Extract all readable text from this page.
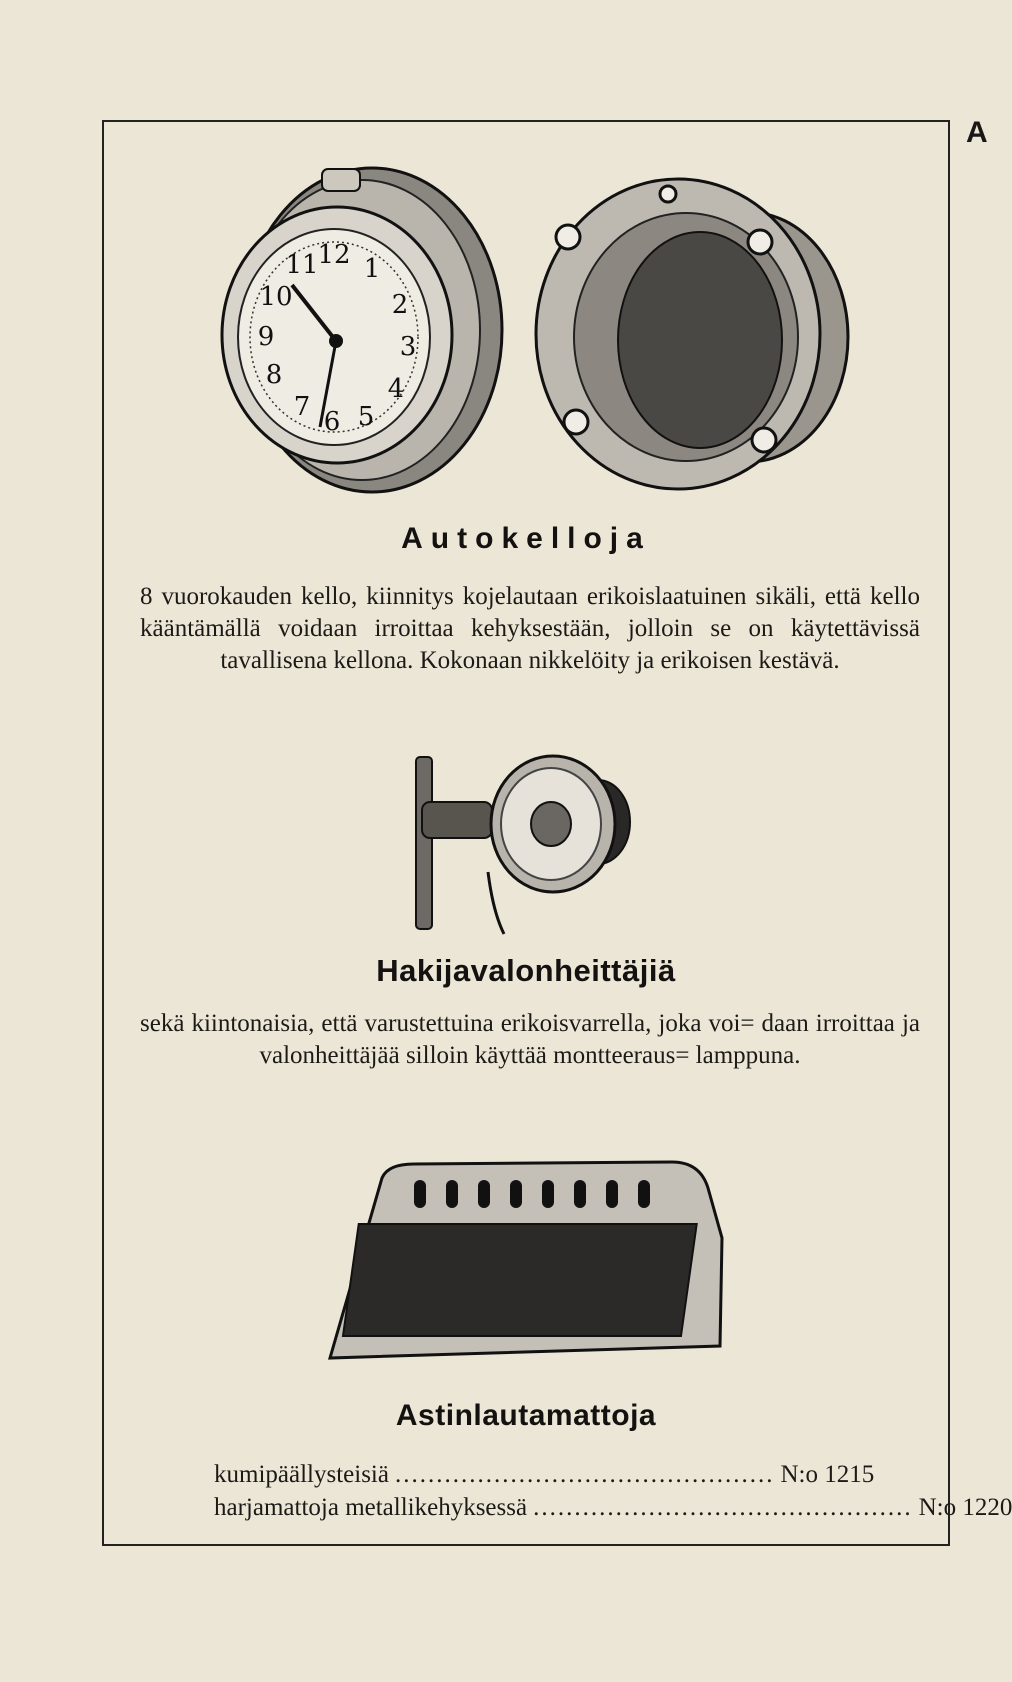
A
12 1
2
3
4
5
6
7
8
9
10
11
Autokelloja

8 vuorokauden kello, kiinnitys kojelautaan erikoislaatuinen sikäli, että kello kääntämällä voidaan irroittaa kehyksestään, jolloin se on käytettävissä tavallisena kellona. Kokonaan nikkelöity ja erikoisen kestävä.

Hakijavalonheittäjiä

sekä kiintonaisia, että varustettuina erikoisvarrella, joka voi= daan irroittaa ja valonheittäjää silloin käyttää montteeraus= lamppuna.

Astinlautamattoja
kumipäällysteisiä .............................................. N:o 1215
harjamattoja metallikehyksessä .............................................. N:o 1220
